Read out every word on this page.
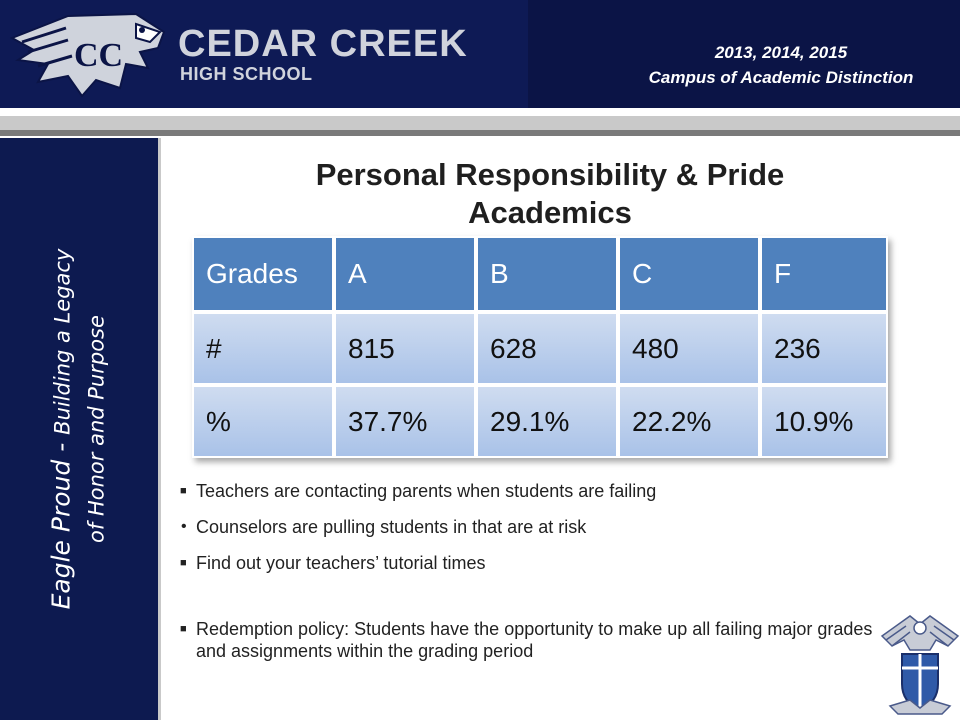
CC CEDAR CREEK
HIGH SCHOOL
2013, 2014, 2015
Campus of Academic Distinction
Eagle Proud - Building a Legacy of Honor and Purpose
Personal Responsibility & Pride
Academics
Grades	A	B	C	F
#	815	628	480	236
%	37.7%	29.1%	22.2%	10.9%
■ Teachers are contacting parents when students are failing
• Counselors are pulling students in that are at risk
■ Find out your teachers’ tutorial times
■ Redemption policy: Students have the opportunity to make up all failing major grades and assignments within the grading period
